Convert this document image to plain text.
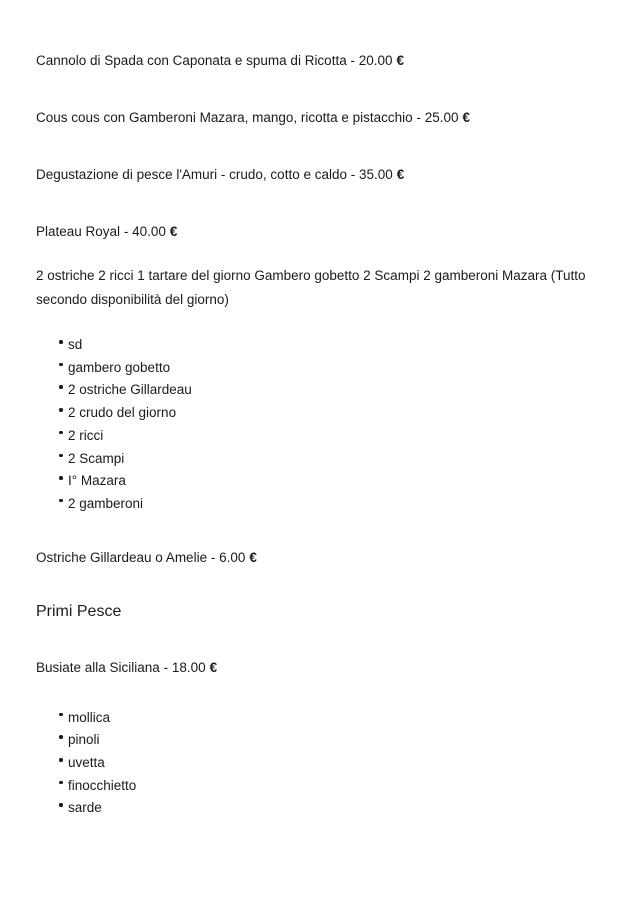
Cannolo di Spada con Caponata e spuma di Ricotta - 20.00 €

Cous cous con Gamberoni Mazara, mango, ricotta e pistacchio - 25.00 €

Degustazione di pesce l'Amuri - crudo, cotto e caldo - 35.00 €

Plateau Royal - 40.00 €

2 ostriche 2 ricci 1 tartare del giorno Gambero gobetto 2 Scampi 2 gamberoni Mazara (Tutto secondo disponibilità del giorno)

sd
gambero gobetto
2 ostriche Gillardeau
2 crudo del giorno
2 ricci
2 Scampi
I° Mazara
2 gamberoni

Ostriche Gillardeau o Amelie - 6.00 €

Primi Pesce

Busiate alla Siciliana - 18.00 €

mollica
pinoli
uvetta
finocchietto
sarde
